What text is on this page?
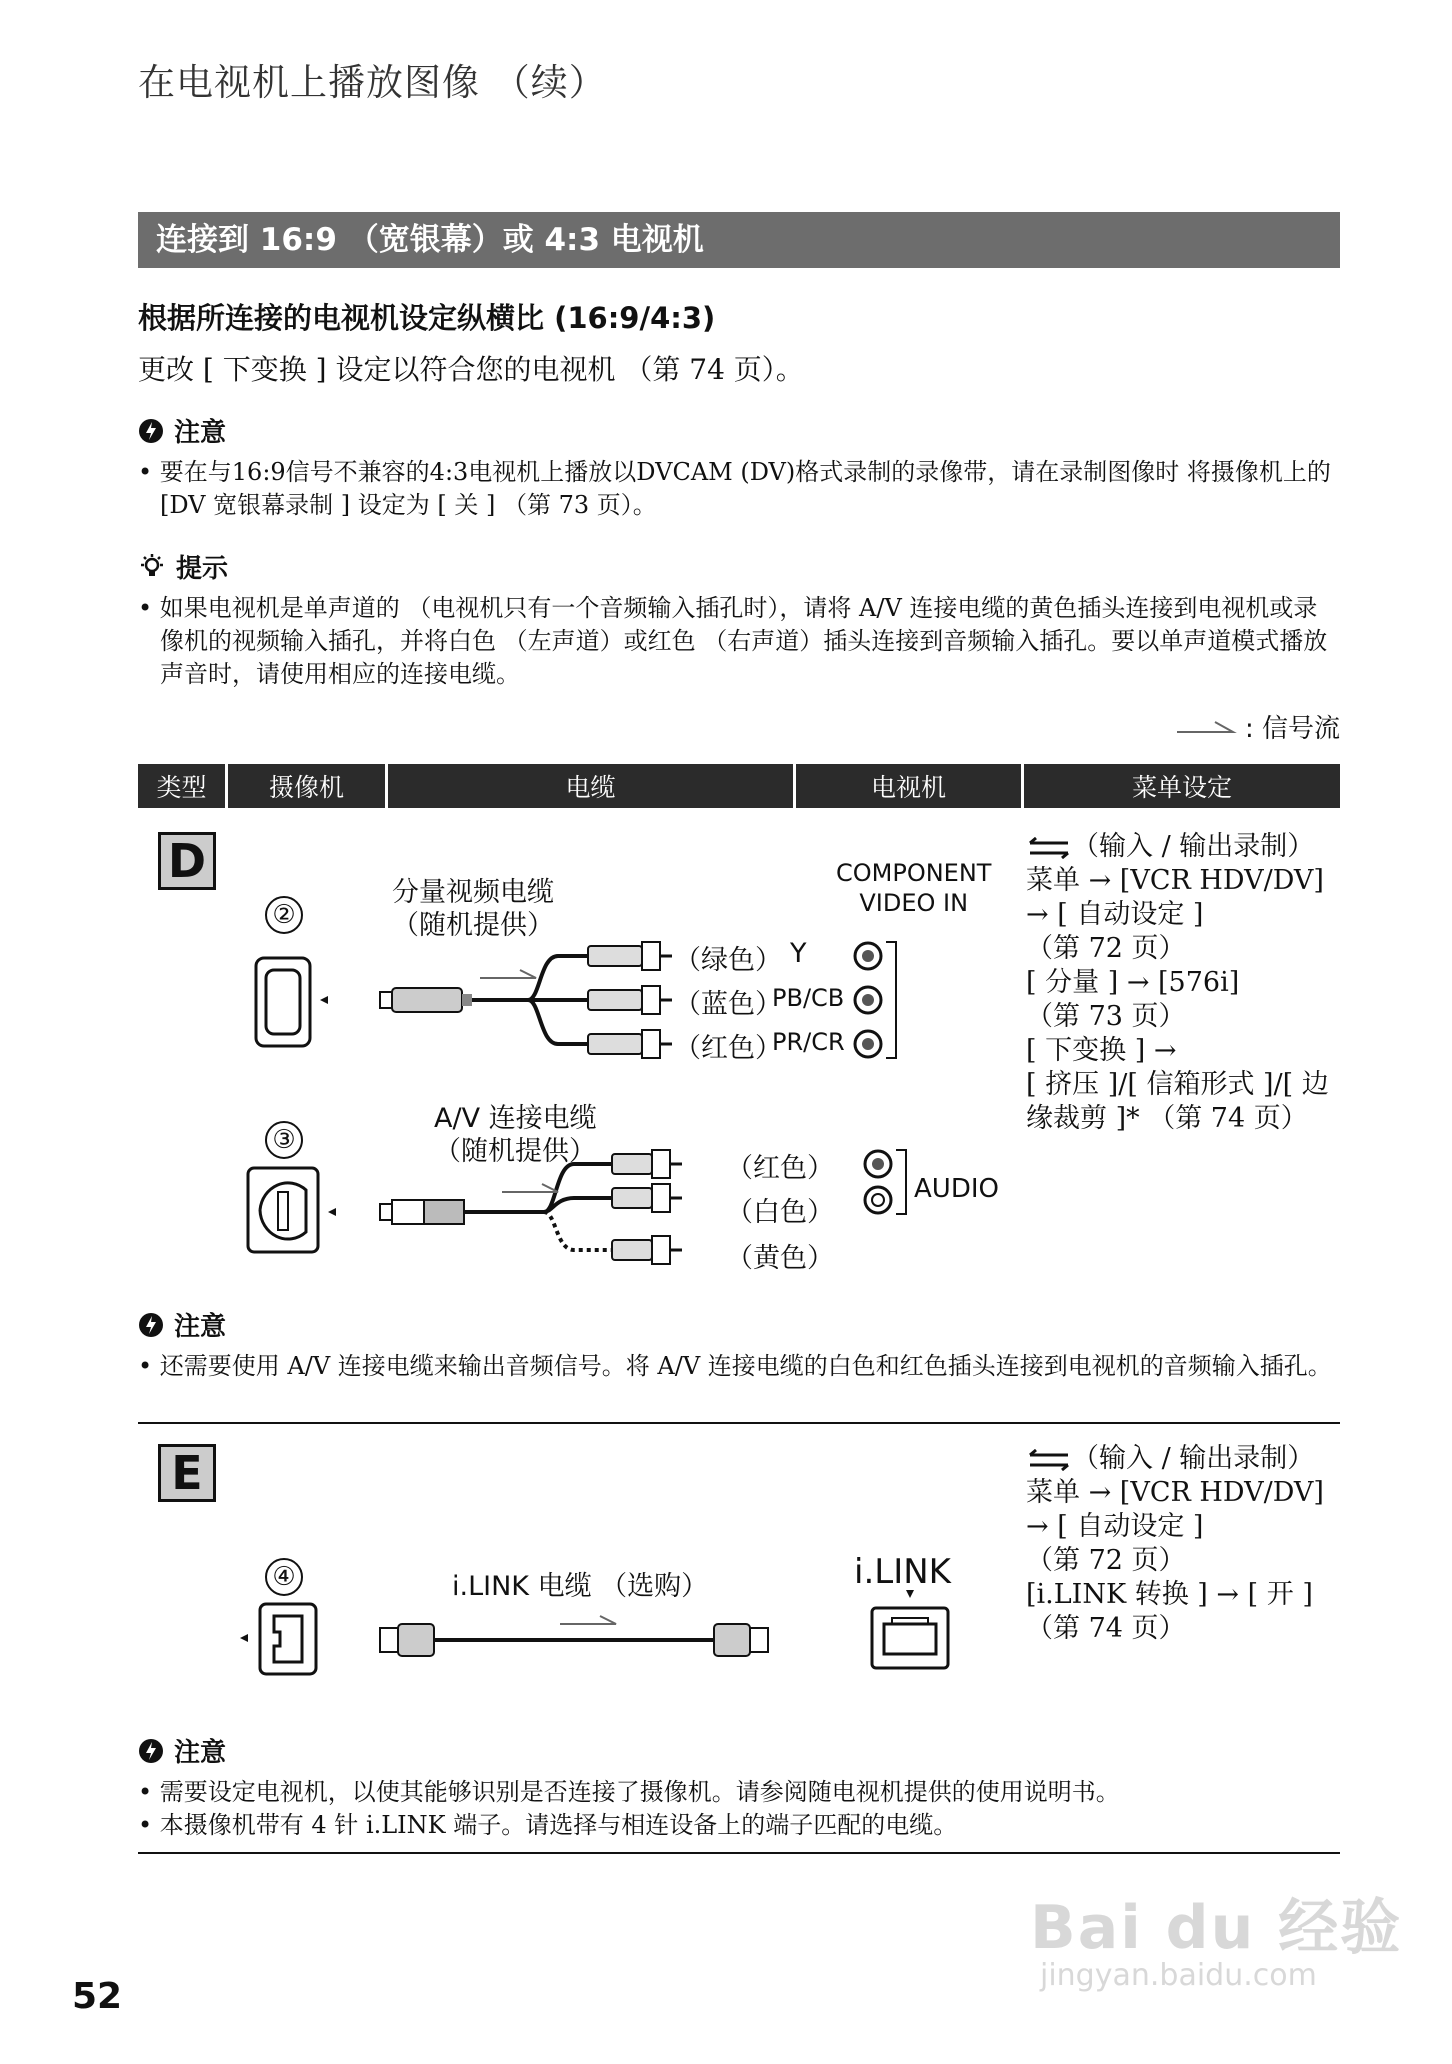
在电视机上播放图像 （续）
连接到 16:9 （宽银幕）或 4:3 电视机
根据所连接的电视机设定纵横比 (16:9/4:3)
更改 [ 下变换 ] 设定以符合您的电视机 （第 74 页）。
注意
• 要在与16:9信号不兼容的4:3电视机上播放以DVCAM (DV)格式录制的录像带，请在录制图像时 将摄像机上的 [DV 宽银幕录制 ] 设定为 [ 关 ] （第 73 页）。
提示
• 如果电视机是单声道的 （电视机只有一个音频输入插孔时），请将 A/V 连接电缆的黄色插头连接到电视机或录像机的视频输入插孔，并将白色 （左声道）或红色 （右声道）插头连接到音频输入插孔。要以单声道模式播放声音时，请使用相应的连接电缆。
: 信号流
类型	摄像机	电缆	电视机	菜单设定
D
②
③
分量视频电缆
（随机提供）
COMPONENT
VIDEO IN
（绿色） Y
（蓝色）
PB/CB
（红色）
PR/CR
A/V 连接电缆
（随机提供）
（红色）
（白色）
（黄色）
AUDIO
（输入 / 输出录制）
菜单 → [VCR HDV/DV]
→ [ 自动设定 ]
（第 72 页）
[ 分量 ] → [576i]
（第 73 页）
[ 下变换 ] →
[ 挤压 ]/[ 信箱形式 ]/[ 边
缘裁剪 ]* （第 74 页）
注意
• 还需要使用 A/V 连接电缆来输出音频信号。将 A/V 连接电缆的白色和红色插头连接到电视机的音频输入插孔。
E
④	i.LINK 电缆 （选购）	i.LINK
（输入 / 输出录制）
菜单 → [VCR HDV/DV]
→ [ 自动设定 ]
（第 72 页）
[i.LINK 转换 ] → [ 开 ]
（第 74 页）
注意
• 需要设定电视机，以使其能够识别是否连接了摄像机。请参阅随电视机提供的使用说明书。
• 本摄像机带有 4 针 i.LINK 端子。请选择与相连设备上的端子匹配的电缆。
Bai du 经验
jingyan.baidu.com
52
